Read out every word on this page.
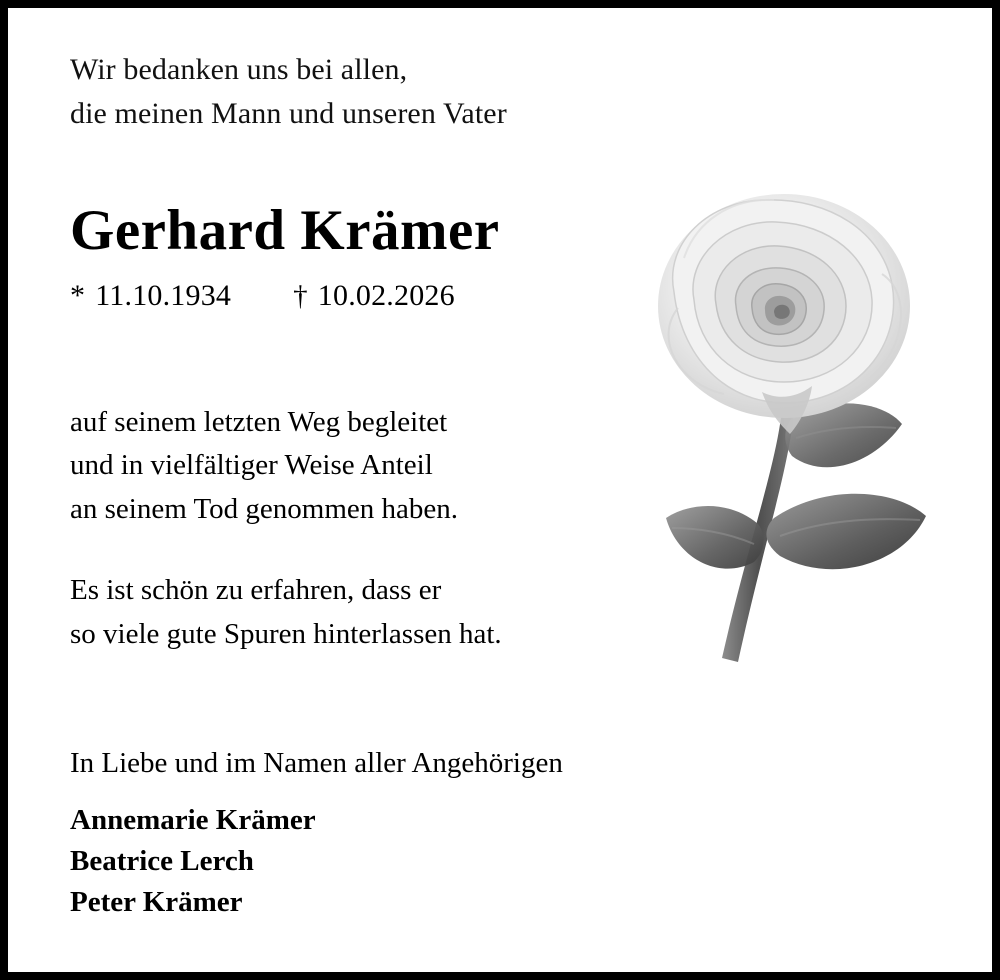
Wir bedanken uns bei allen,
die meinen Mann und unseren Vater
Gerhard Krämer
* 11.10.1934 † 10.02.2026
auf seinem letzten Weg begleitet
und in vielfältiger Weise Anteil
an seinem Tod genommen haben.
Es ist schön zu erfahren, dass er
so viele gute Spuren hinterlassen hat.
In Liebe und im Namen aller Angehörigen
Annemarie Krämer
Beatrice Lerch
Peter Krämer
